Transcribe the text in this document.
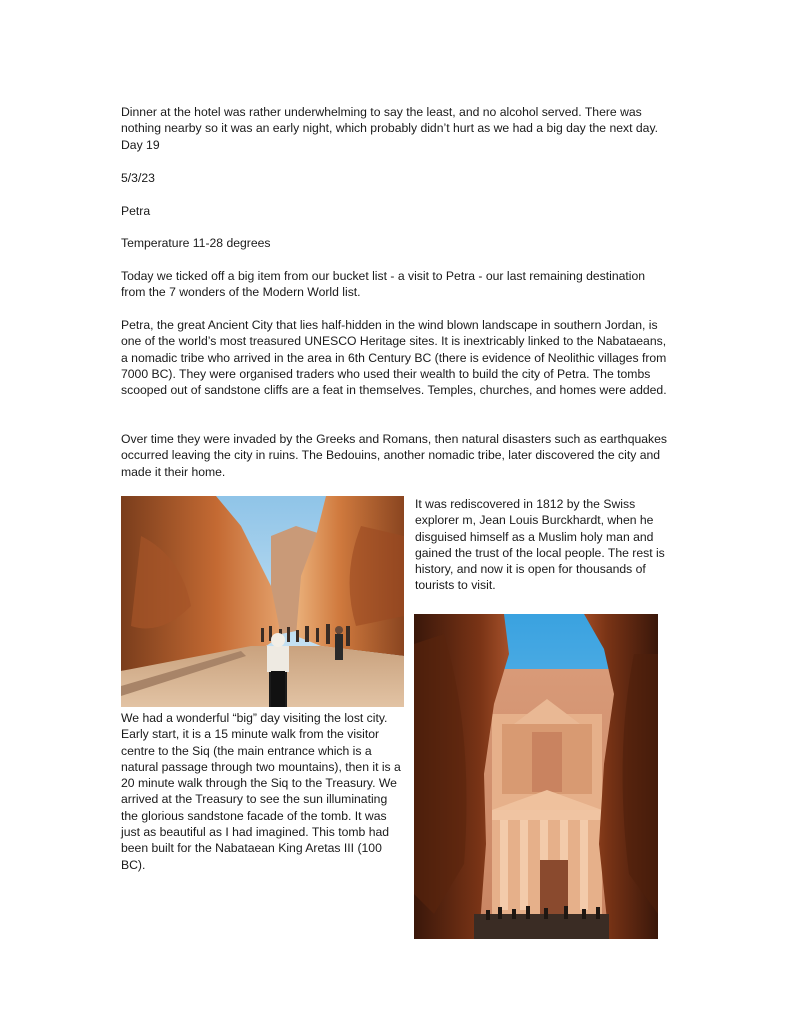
Dinner at the hotel was rather underwhelming to say the least, and no alcohol served. There was nothing nearby so it was an early night, which probably didn’t hurt as we had a big day the next day.

Day 19

5/3/23

Petra

Temperature 11-28 degrees

Today we ticked off a big item from our bucket list - a visit to Petra - our last remaining destination from the 7 wonders of the Modern World list.

Petra, the great Ancient City that lies half-hidden in the wind blown landscape in southern Jordan, is one of the world’s most treasured UNESCO Heritage sites. It is inextricably linked to the Nabataeans, a nomadic tribe who arrived in the area in 6th Century BC (there is evidence of Neolithic villages from 7000 BC). They were organised traders who used their wealth to build the city of Petra. The tombs scooped out of sandstone cliffs are a feat in themselves. Temples, churches, and homes were added.

Over time they were invaded by the Greeks and Romans, then natural disasters such as earthquakes occurred leaving the city in ruins. The Bedouins, another nomadic tribe, later discovered the city and made it their home.

It was rediscovered in 1812 by the Swiss explorer m, Jean Louis Burckhardt, when he disguised himself as a Muslim holy man and gained the trust of the local people. The rest is history, and now it is open for thousands of tourists to visit.

We had a wonderful “big” day visiting the lost city. Early start, it is a 15 minute walk from the visitor centre to the Siq (the main entrance which is a natural passage through two mountains), then it is a 20 minute walk through the Siq to the Treasury. We arrived at the Treasury to see the sun illuminating the glorious sandstone facade of the tomb. It was just as beautiful as I had imagined. This tomb had been built for the Nabataean King Aretas III (100 BC).
